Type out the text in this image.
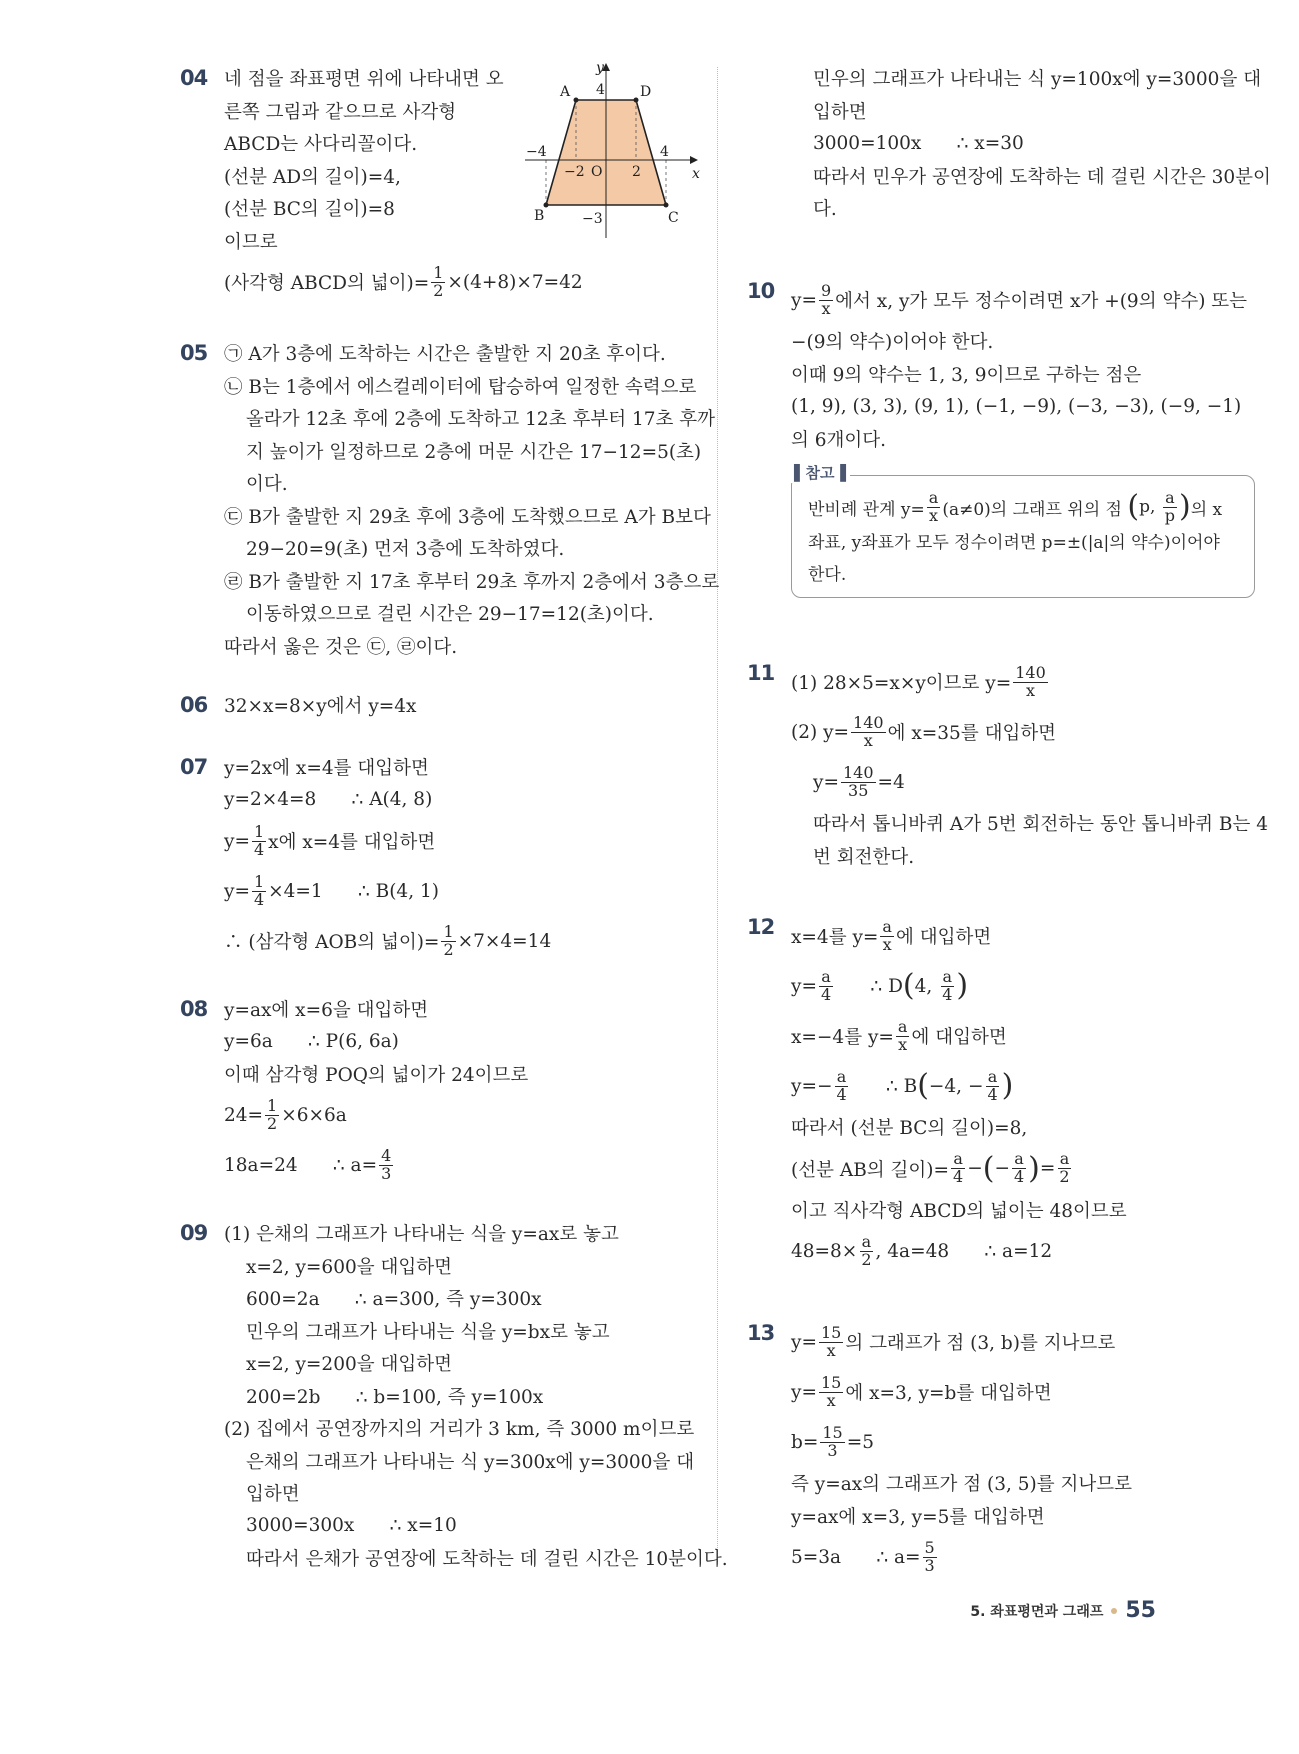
A	D
B	C
4
y
x
−4	4
−2	2
O
−3
04 네 점을 좌표평면 위에 나타내면 오
른쪽 그림과 같으므로 사각형
ABCD는 사다리꼴이다.
(선분 AD의 길이)=4,
(선분 BC의 길이)=8
이므로
(사각형 ABCD의 넓이)= $\frac{1}{2} \times(4+8)\times 7=42$
05 ㉠ A가 3층에 도착하는 시간은 출발한 지 20초 후이다.
㉡ B는 1층에서 에스컬레이터에 탑승하여 일정한 속력으로
올라가 12초 후에 2층에 도착하고 12초 후부터 17초 후까
지 높이가 일정하므로 2층에 머문 시간은 17−12=5(초)
이다.
㉢ B가 출발한 지 29초 후에 3층에 도착했으므로 A가 B보다
29−20=9(초) 먼저 3층에 도착하였다.
㉣ B가 출발한 지 17초 후부터 29초 후까지 2층에서 3층으로
이동하였으므로 걸린 시간은 29−17=12(초)이다.
따라서 옳은 것은 ㉢, ㉣이다.
06 32×x=8×y에서 y=4x
07 y=2x에 x=4를 대입하면
y=2×4=8      ∴ A(4, 8)
$y= \frac{1}{4}$ x에 x=4를 대입하면
$y= \frac{1}{4} \times 4=1$      ∴ B(4, 1)
∴ (삼각형 AOB의 넓이)= $\frac{1}{2} \times 7\times 4=14$
08 y=ax에 x=6을 대입하면
y=6a      ∴ P(6, 6a)
이때 삼각형 POQ의 넓이가 24이므로
$24= \frac{1}{2} \times 6\times 6a$
18a=24      ∴ $a= \frac{4}{3}$
09 (1) 은채의 그래프가 나타내는 식을 y=ax로 놓고
x=2, y=600을 대입하면
600=2a      ∴ a=300, 즉 y=300x
민우의 그래프가 나타내는 식을 y=bx로 놓고
x=2, y=200을 대입하면
200=2b      ∴ b=100, 즉 y=100x
(2) 집에서 공연장까지의 거리가 3 km, 즉 3000 m이므로
은채의 그래프가 나타내는 식 y=300x에 y=3000을 대
입하면
3000=300x      ∴ x=10
따라서 은채가 공연장에 도착하는 데 걸린 시간은 10분이다.
민우의 그래프가 나타내는 식 y=100x에 y=3000을 대
입하면
3000=100x      ∴ x=30
따라서 민우가 공연장에 도착하는 데 걸린 시간은 30분이
다.
10 $y= \frac{9}{x}$ 에서 x, y가 모두 정수이려면 x가 +(9의 약수) 또는
−(9의 약수)이어야 한다.
이때 9의 약수는 1, 3, 9이므로 구하는 점은
(1, 9), (3, 3), (9, 1), (−1, −9), (−3, −3), (−9, −1)
의 6개이다.
▌참고▐
반비례 관계 $y= \frac{a}{x} (a\ne 0)$의 그래프 위의 점 ( p, $\frac{a}{p}$ ) 의 x
좌표, y좌표가 모두 정수이려면 p=±(|a|의 약수)이어야
한다.
11 (1) 28×5=x×y이므로 $y= \frac{140}{x}$
(2) $y= \frac{140}{x}$ 에 x=35를 대입하면
$y= \frac{140}{35} =4$
따라서 톱니바퀴 A가 5번 회전하는 동안 톱니바퀴 B는 4
번 회전한다.
12 x=4를 $y= \frac{a}{x}$ 에 대입하면
$y= \frac{a}{4}$ ∴ D ( 4, $\frac{a}{4}$ )
x=−4를 $y= \frac{a}{x}$ 에 대입하면
$y=- \frac{a}{4}$ ∴ B ( −4, − $\frac{a}{4}$ )
따라서 (선분 BC의 길이)=8,
(선분 AB의 길이)= $\frac{a}{4}$ − ( − $\frac{a}{4}$ ) = $\frac{a}{2}$
이고 직사각형 ABCD의 넓이는 48이므로
$48=8\times \frac{a}{2}$ , 4a=48      ∴ a=12
13 $y= \frac{15}{x}$ 의 그래프가 점 (3, b)를 지나므로
$y= \frac{15}{x}$ 에 x=3, y=b를 대입하면
$b= \frac{15}{3} =5$
즉 y=ax의 그래프가 점 (3, 5)를 지나므로
y=ax에 x=3, y=5를 대입하면
5=3a      ∴ $a= \frac{5}{3}$
5. 좌표평면과 그래프 55
